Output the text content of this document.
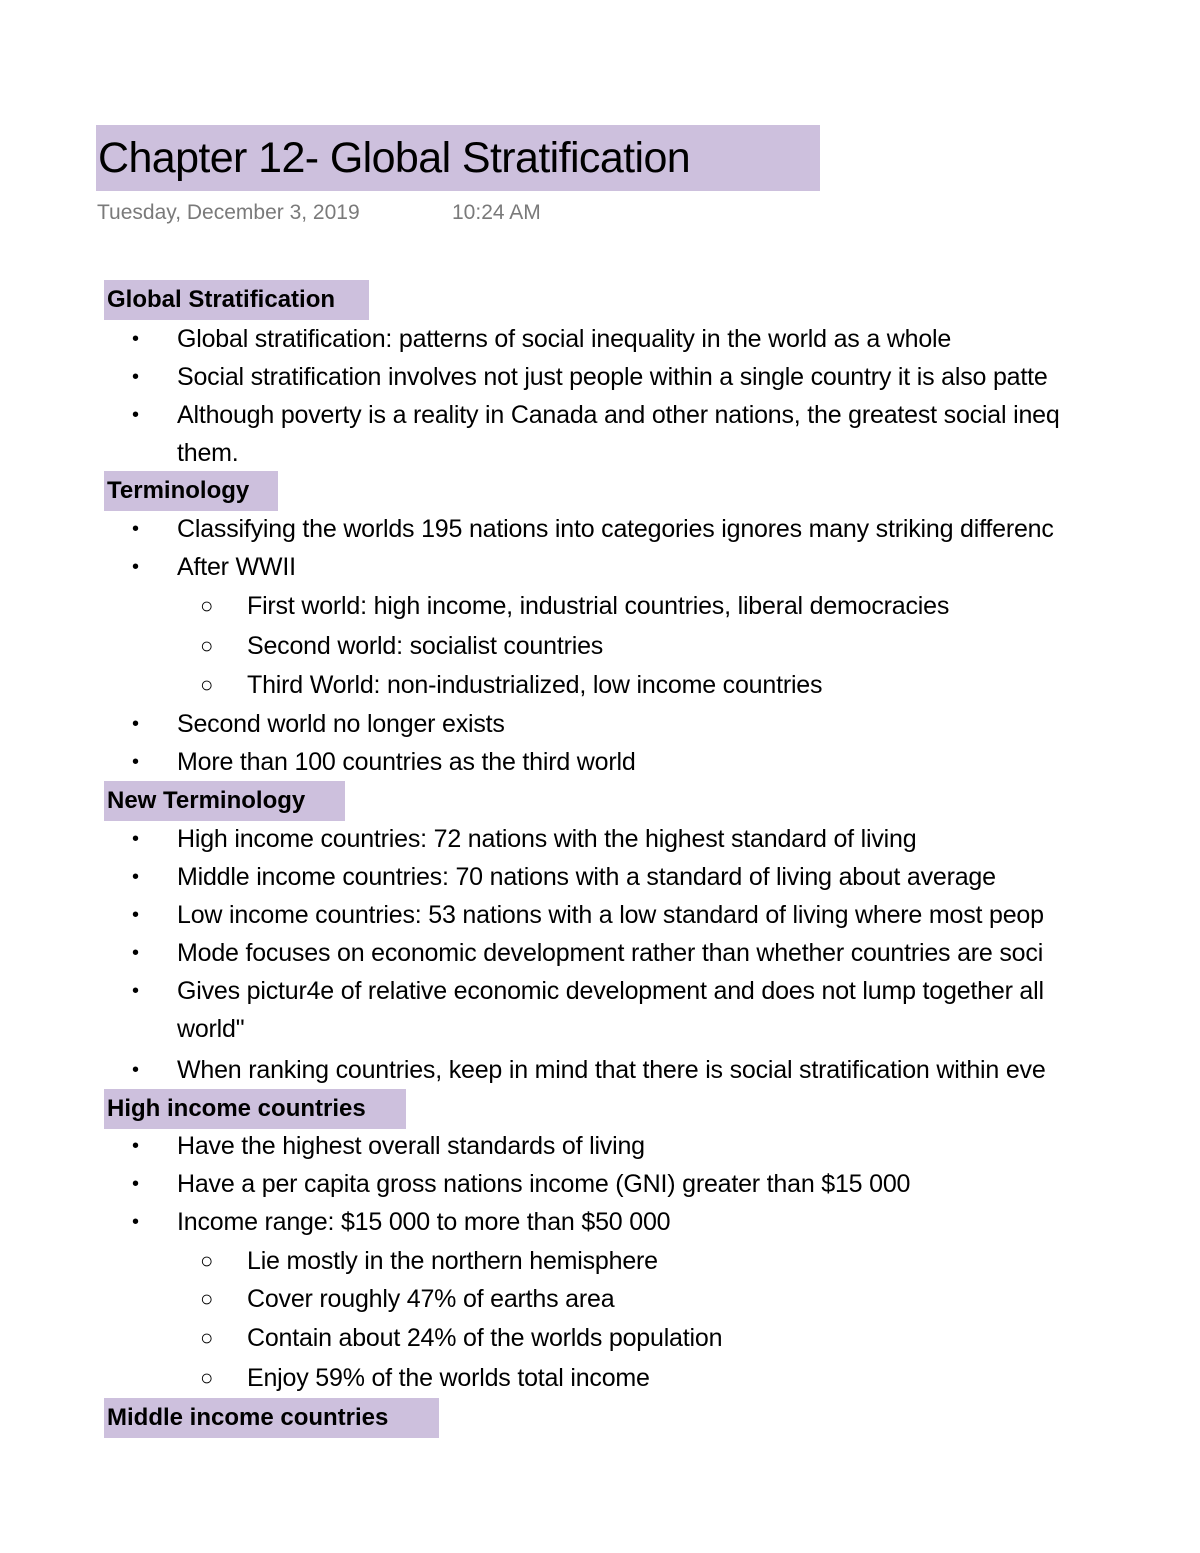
Chapter 12- Global Stratification
Tuesday, December 3, 2019	10:24 AM
Global Stratification
• Global stratification: patterns of social inequality in the world as a whole
• Social stratification involves not just people within a single country it is also patte
• Although poverty is a reality in Canada and other nations, the greatest social ineq
them.
Terminology
• Classifying the worlds 195 nations into categories ignores many striking differenc
• After WWII
○ First world: high income, industrial countries, liberal democracies
○ Second world: socialist countries
○ Third World: non-industrialized, low income countries
• Second world no longer exists
• More than 100 countries as the third world
New Terminology
• High income countries: 72 nations with the highest standard of living
• Middle income countries: 70 nations with a standard of living about average
• Low income countries: 53 nations with a low standard of living where most peop
• Mode focuses on economic development rather than whether countries are soci
• Gives pictur4e of relative economic development and does not lump together all
world"
• When ranking countries, keep in mind that there is social stratification within eve
High income countries
• Have the highest overall standards of living
• Have a per capita gross nations income (GNI) greater than $15 000
• Income range: $15 000 to more than $50 000
○ Lie mostly in the northern hemisphere
○ Cover roughly 47% of earths area
○ Contain about 24% of the worlds population
○ Enjoy 59% of the worlds total income
Middle income countries
